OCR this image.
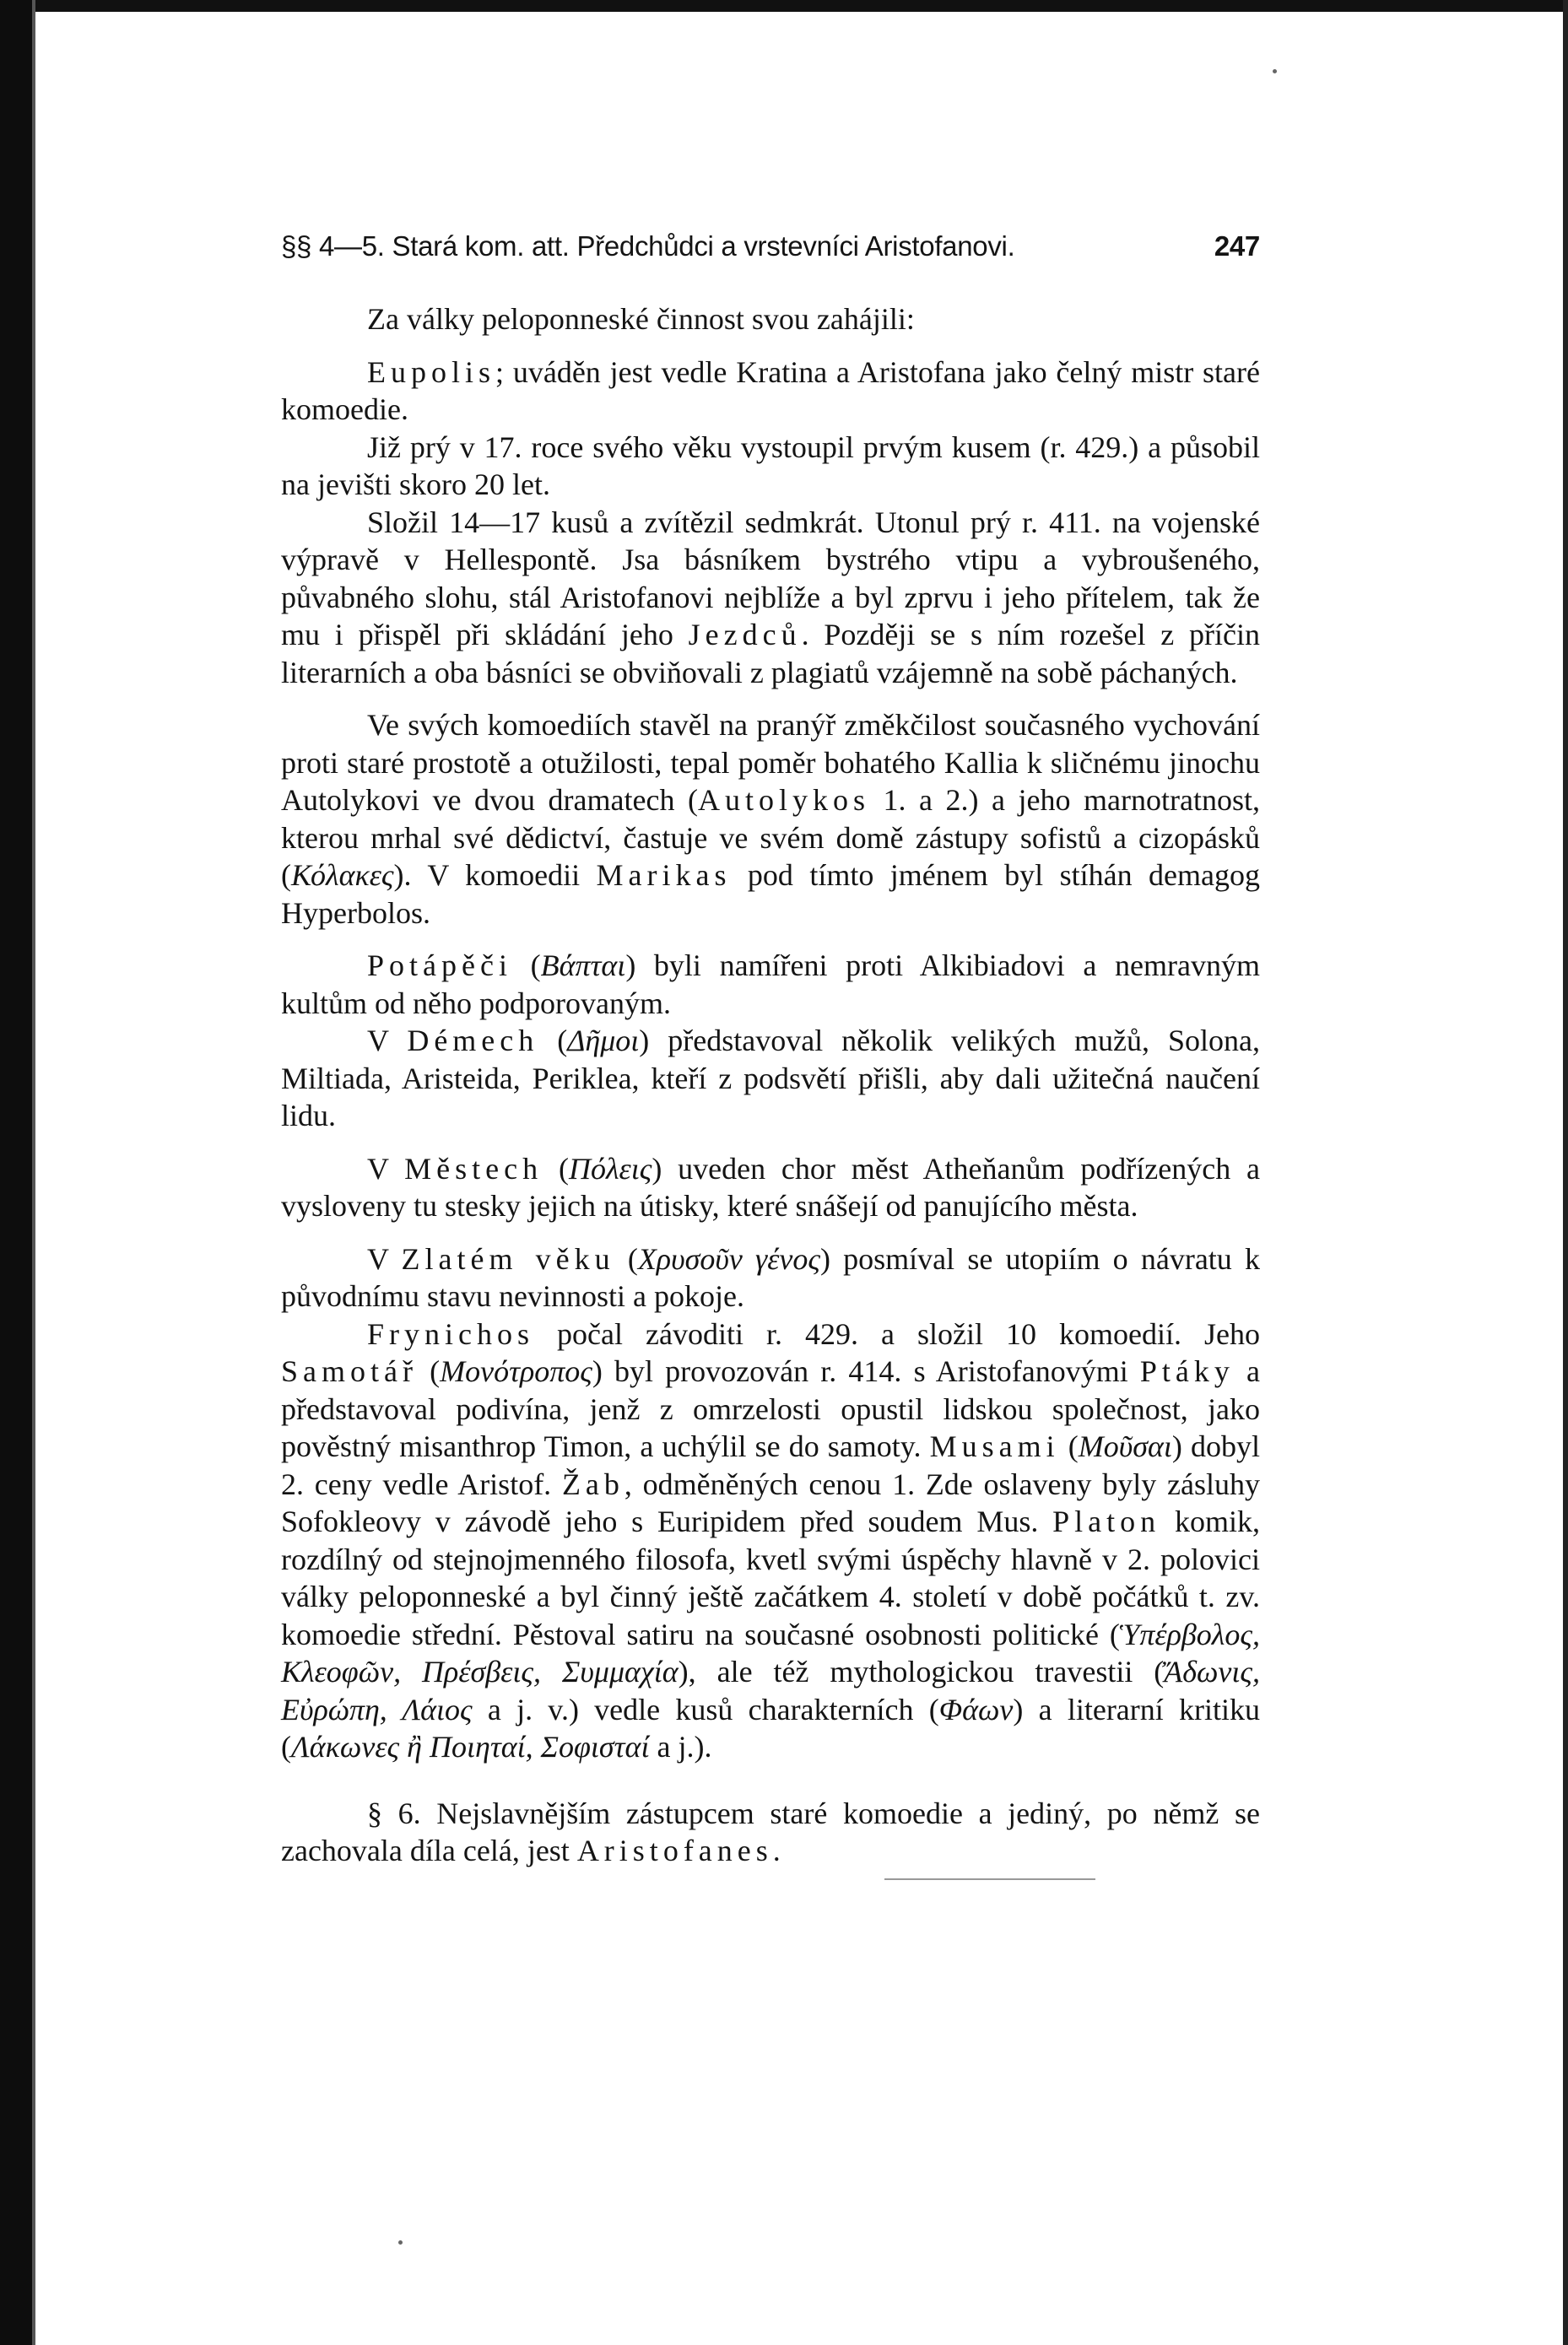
§§ 4—5. Stará kom. att. Předchůdci a vrstevníci Aristofanovi.	247

Za války peloponneské činnost svou zahájili:

Eupolis; uváděn jest vedle Kratina a Aristofana jako čelný mistr staré komoedie.

Již prý v 17. roce svého věku vystoupil prvým kusem (r. 429.) a působil na jevišti skoro 20 let.

Složil 14—17 kusů a zvítězil sedmkrát. Utonul prý r. 411. na vojenské výpravě v Hellespontě. Jsa básníkem bystrého vtipu a vybroušeného, půvabného slohu, stál Aristofanovi nejblíže a byl zprvu i jeho přítelem, tak že mu i přispěl při skládání jeho Jezdců. Později se s ním rozešel z příčin literarních a oba básníci se obviňovali z plagiatů vzájemně na sobě páchaných.

Ve svých komoediích stavěl na pranýř změkčilost současného vychování proti staré prostotě a otužilosti, tepal poměr bohatého Kallia k sličnému jinochu Autolykovi ve dvou dramatech (Autolykos 1. a 2.) a jeho marnotratnost, kterou mrhal své dědictví, častuje ve svém domě zástupy sofistů a cizopásků (Κόλακες). V komoedii Marikas pod tímto jménem byl stíhán demagog Hyperbolos.

Potápěči (Βάπται) byli namířeni proti Alkibiadovi a nemravným kultům od něho podporovaným.

V Démech (Δῆμοι) představoval několik velikých mužů, Solona, Miltiada, Aristeida, Periklea, kteří z podsvětí přišli, aby dali užitečná naučení lidu.

V Městech (Πόλεις) uveden chor měst Atheňanům podřízených a vysloveny tu stesky jejich na útisky, které snášejí od panujícího města.

V Zlatém věku (Χρυσοῦν γένος) posmíval se utopiím o návratu k původnímu stavu nevinnosti a pokoje.

Frynichos počal závoditi r. 429. a složil 10 komoedií. Jeho Samotář (Μονότροπος) byl provozován r. 414. s Aristofanovými Ptáky a představoval podivína, jenž z omrzelosti opustil lidskou společnost, jako pověstný misanthrop Timon, a uchýlil se do samoty. Musami (Μοῦσαι) dobyl 2. ceny vedle Aristof. Žab, odměněných cenou 1. Zde oslaveny byly zásluhy Sofokleovy v závodě jeho s Euripidem před soudem Mus. Platon komik, rozdílný od stejnojmenného filosofa, kvetl svými úspěchy hlavně v 2. polovici války peloponneské a byl činný ještě začátkem 4. století v době počátků t. zv. komoedie střední. Pěstoval satiru na současné osobnosti politické (Ὑπέρβολος, Κλεοφῶν, Πρέσβεις, Συμμαχία), ale též mythologickou travestii (Ἄδωνις, Εὐρώπη, Λάιος a j. v.) vedle kusů charakterních (Φάων) a literarní kritiku (Λάκωνες ἢ Ποιηταί, Σοφισταί a j.).

§ 6. Nejslavnějším zástupcem staré komoedie a jediný, po němž se zachovala díla celá, jest Aristofanes.
